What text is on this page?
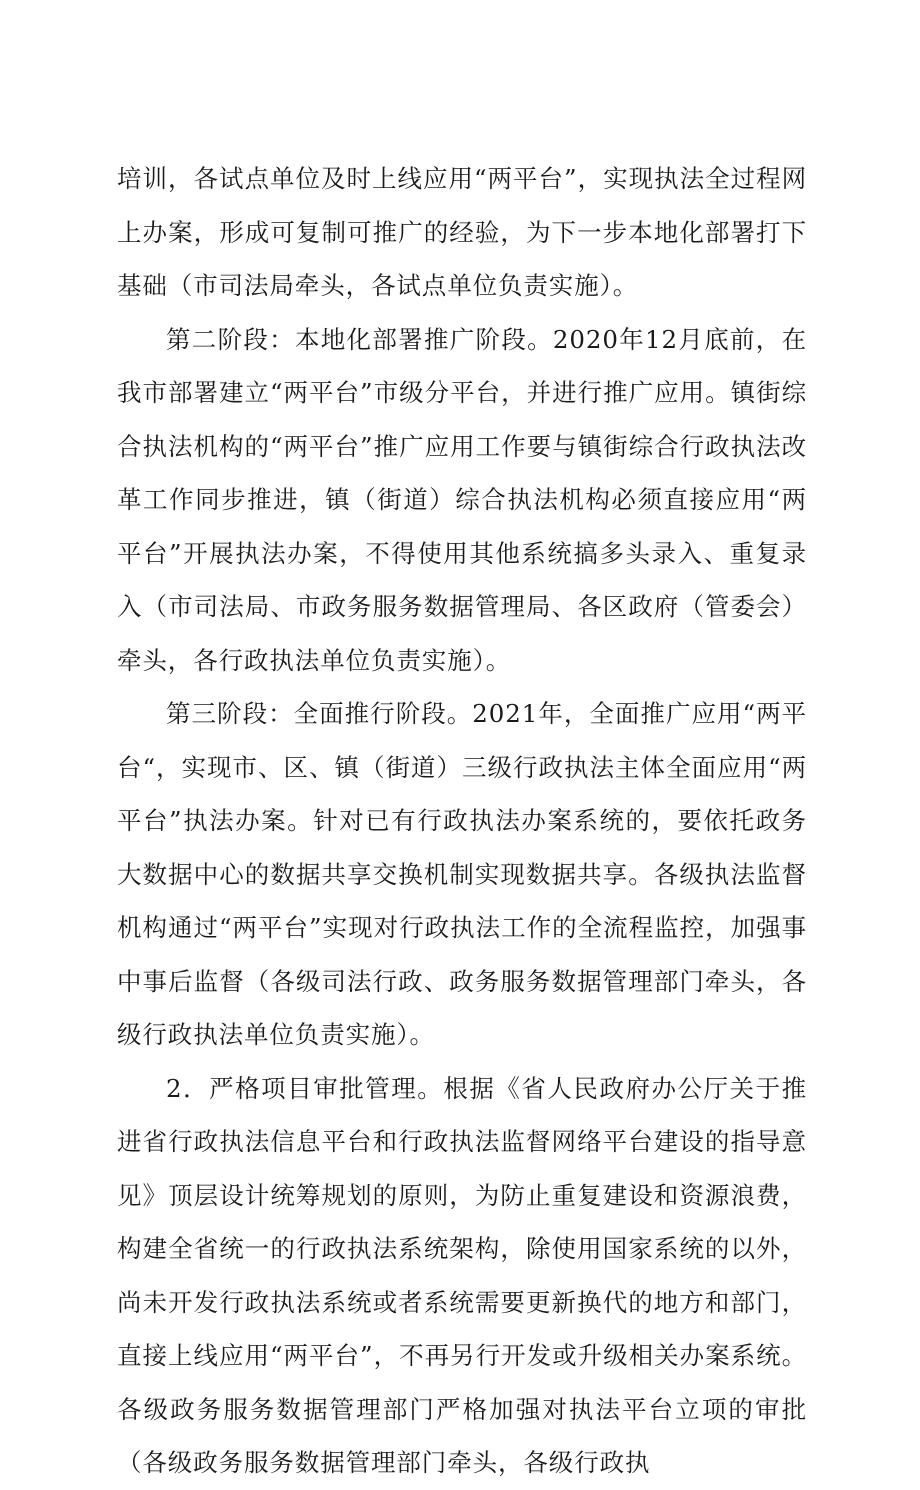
培训，各试点单位及时上线应用“两平台”，实现执法全过程网上办案，形成可复制可推广的经验，为下一步本地化部署打下基础（市司法局牵头，各试点单位负责实施）。

第二阶段：本地化部署推广阶段。2020年12月底前，在我市部署建立“两平台”市级分平台，并进行推广应用。镇街综合执法机构的“两平台”推广应用工作要与镇街综合行政执法改革工作同步推进，镇（街道）综合执法机构必须直接应用“两平台”开展执法办案，不得使用其他系统搞多头录入、重复录入（市司法局、市政务服务数据管理局、各区政府（管委会）牵头，各行政执法单位负责实施）。

第三阶段：全面推行阶段。2021年，全面推广应用“两平台“，实现市、区、镇（街道）三级行政执法主体全面应用“两平台”执法办案。针对已有行政执法办案系统的，要依托政务大数据中心的数据共享交换机制实现数据共享。各级执法监督机构通过“两平台”实现对行政执法工作的全流程监控，加强事中事后监督（各级司法行政、政务服务数据管理部门牵头，各级行政执法单位负责实施）。

2．严格项目审批管理。根据《省人民政府办公厅关于推进省行政执法信息平台和行政执法监督网络平台建设的指导意见》顶层设计统筹规划的原则，为防止重复建设和资源浪费，构建全省统一的行政执法系统架构，除使用国家系统的以外，尚未开发行政执法系统或者系统需要更新换代的地方和部门，直接上线应用“两平台”，不再另行开发或升级相关办案系统。各级政务服务数据管理部门严格加强对执法平台立项的审批（各级政务服务数据管理部门牵头，各级行政执
